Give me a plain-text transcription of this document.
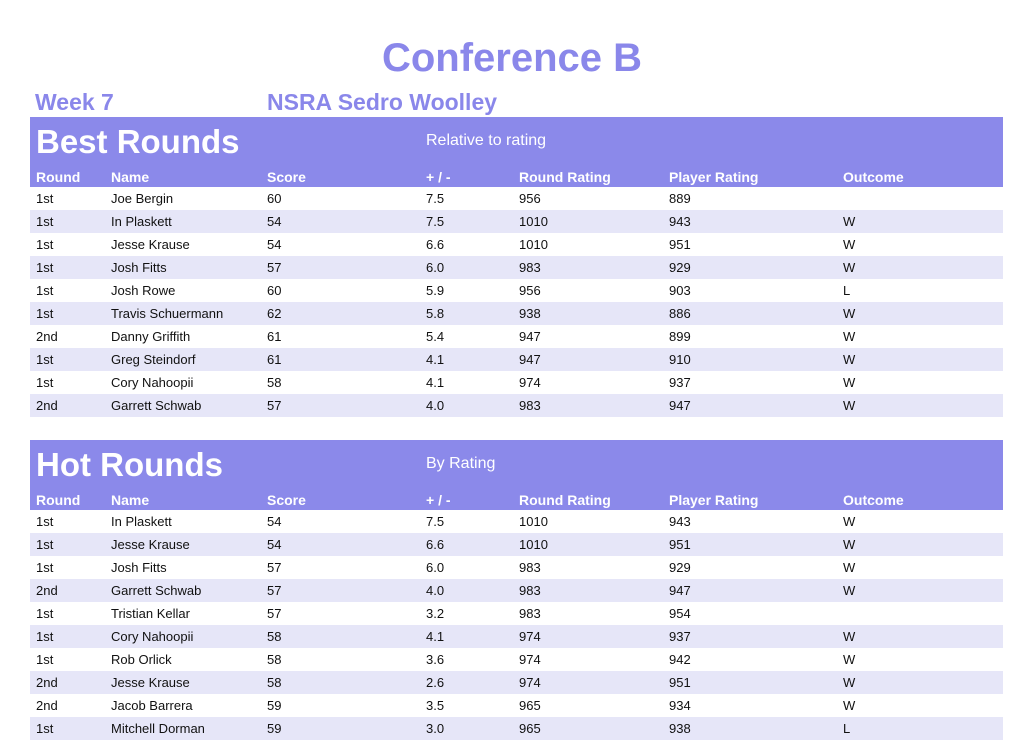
Conference B
Week 7	NSRA Sedro Woolley
Best Rounds	Relative to rating
Round Name	Score	+ / -	Round Rating	Player Rating	Outcome
1st	Joe Bergin	60	7.5	956	889
1st	In Plaskett	54	7.5	1010	943	W
1st	Jesse Krause	54	6.6	1010	951	W
1st	Josh Fitts	57	6.0	983	929	W
1st	Josh Rowe	60	5.9	956	903	L
1st	Travis Schuermann	62	5.8	938	886	W
2nd	Danny Griffith	61	5.4	947	899	W
1st	Greg Steindorf	61	4.1	947	910	W
1st	Cory Nahoopii	58	4.1	974	937	W
2nd	Garrett Schwab	57	4.0	983	947	W
Hot Rounds	By Rating
Round Name	Score	+ / -	Round Rating	Player Rating	Outcome
1st	In Plaskett	54	7.5	1010	943	W
1st	Jesse Krause	54	6.6	1010	951	W
1st	Josh Fitts	57	6.0	983	929	W
2nd	Garrett Schwab	57	4.0	983	947	W
1st	Tristian Kellar	57	3.2	983	954
1st	Cory Nahoopii	58	4.1	974	937	W
1st	Rob Orlick	58	3.6	974	942	W
2nd	Jesse Krause	58	2.6	974	951	W
2nd	Jacob Barrera	59	3.5	965	934	W
1st	Mitchell Dorman	59	3.0	965	938	L
